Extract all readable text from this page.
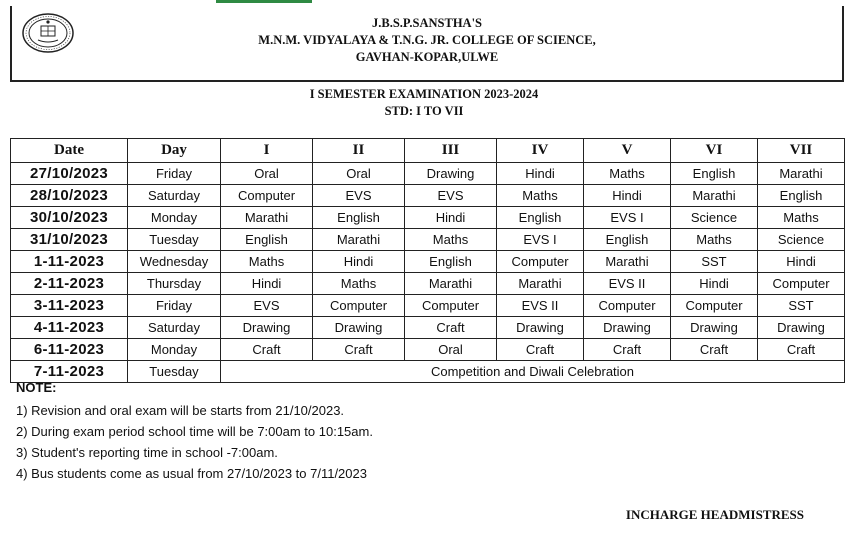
J.B.S.P.SANSTHA'S
M.N.M. VIDYALAYA & T.N.G. JR. COLLEGE OF SCIENCE,
GAVHAN-KOPAR,ULWE
I SEMESTER EXAMINATION 2023-2024
STD: I TO VII
Date	Day	I	II	III	IV	V	VI	VII
27/10/2023	Friday	Oral	Oral	Drawing	Hindi	Maths	English	Marathi
28/10/2023	Saturday	Computer	EVS	EVS	Maths	Hindi	Marathi	English
30/10/2023	Monday	Marathi	English	Hindi	English	EVS I	Science	Maths
31/10/2023	Tuesday	English	Marathi	Maths	EVS I	English	Maths	Science
1-11-2023	Wednesday	Maths	Hindi	English	Computer	Marathi	SST	Hindi
2-11-2023	Thursday	Hindi	Maths	Marathi	Marathi	EVS II	Hindi	Computer
3-11-2023	Friday	EVS	Computer	Computer	EVS II	Computer	Computer	SST
4-11-2023	Saturday	Drawing	Drawing	Craft	Drawing	Drawing	Drawing	Drawing
6-11-2023	Monday	Craft	Craft	Oral	Craft	Craft	Craft	Craft
7-11-2023	Tuesday	Competition and Diwali Celebration						
NOTE:
1) Revision and oral exam will be starts from 21/10/2023.
2) During exam period school time will be 7:00am to 10:15am.
3) Student's reporting time in school -7:00am.
4) Bus students come as usual from 27/10/2023 to 7/11/2023
INCHARGE HEADMISTRESS
